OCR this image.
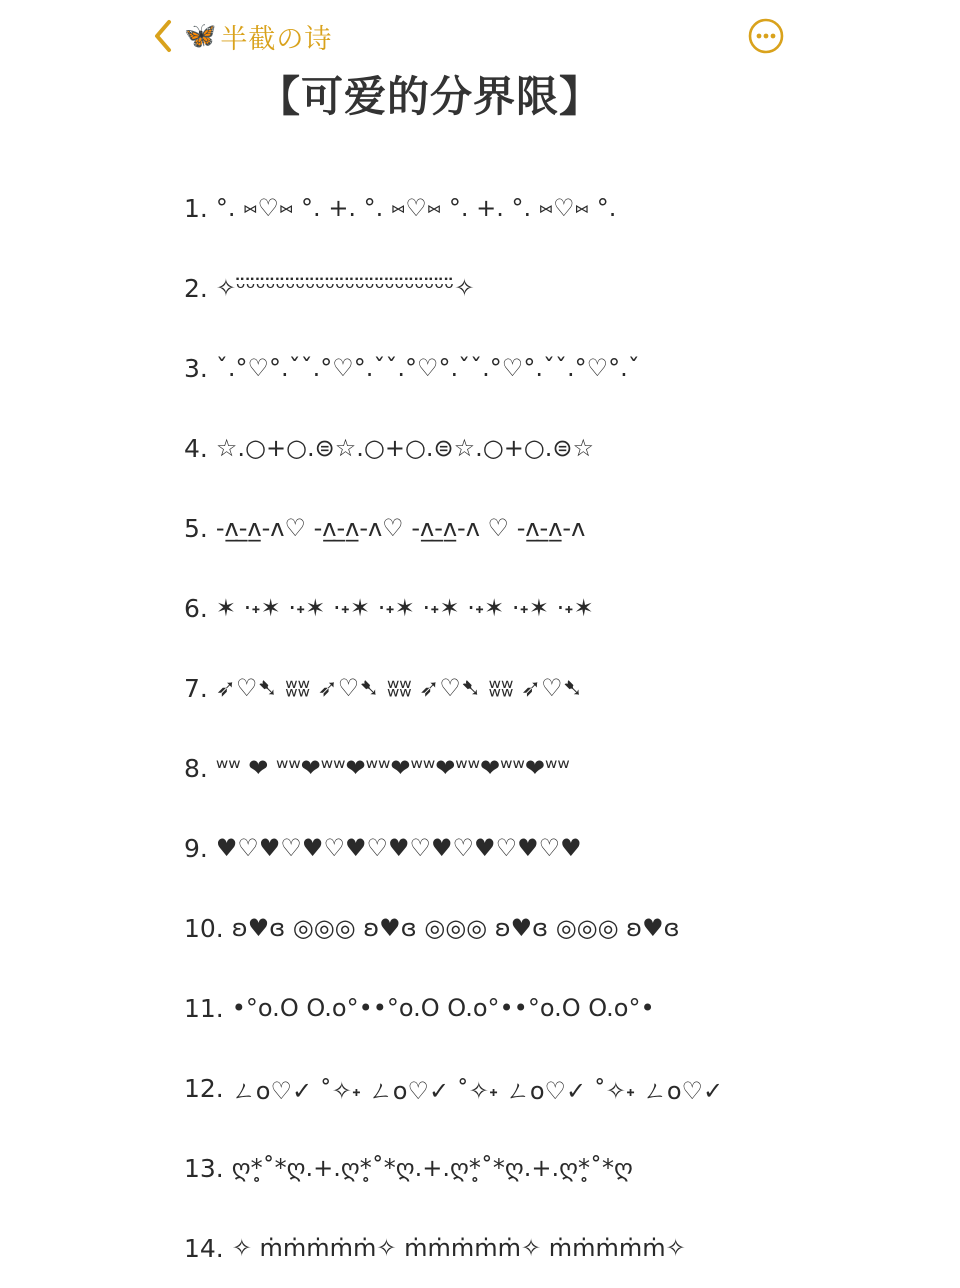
🦋 半截の诗
【可爱的分界限】
1. °. ⑅♡⑅ °. +. °. ⑅♡⑅ °. +. °. ⑅♡⑅ °.
2. ✧ᵕ̈ᵕ̈ᵕ̈ᵕ̈ᵕ̈ᵕ̈ᵕ̈ᵕ̈ᵕ̈ᵕ̈ᵕ̈ᵕ̈ᵕ̈ᵕ̈ᵕ̈ᵕ̈ᵕ̈ᵕ̈ᵕ̈ᵕ̈ᵕ̈ᵕ̈✧
3. ˇ.°♡°.ˇˇ.°♡°.ˇˇ.°♡°.ˇˇ.°♡°.ˇˇ.°♡°.ˇ
4. ☆.○+○.⊜☆.○+○.⊜☆.○+○.⊜☆
5. -ʌ̲-̲ʌ̲-ʌ♡ -ʌ̲-̲ʌ̲-ʌ♡ -ʌ̲-̲ʌ̲-ʌ ♡ -ʌ̲-̲ʌ̲-ʌ
6. ✶ ·˖✶ ·˖✶ ·˖✶ ·˖✶ ·˖✶ ·˖✶ ·˖✶ ·˖✶
7. ➶♡➷ ʬʬ ➶♡➷ ʬʬ ➶♡➷ ʬʬ ➶♡➷
8. ʷʷ ❤ ʷʷ❤ʷʷ❤ʷʷ❤ʷʷ❤ʷʷ❤ʷʷ❤ʷʷ
9. ♥♡♥♡♥♡♥♡♥♡♥♡♥♡♥♡♥
10. ʚ♥ɞ ◎◎◎ ʚ♥ɞ ◎◎◎ ʚ♥ɞ ◎◎◎ ʚ♥ɞ
11. •°o.O O.o°••°o.O O.o°••°o.O O.o°•
12. ㄥo♡✓ ˚✧˖ ㄥo♡✓ ˚✧˖ ㄥo♡✓ ˚✧˖ ㄥo♡✓
13. ღ*̥˚*ღ.+.ღ*̥˚*ღ.+.ღ*̥˚*ღ.+.ღ*̥˚*ღ
14. ✧ ṁṁṁṁṁ✧ ṁṁṁṁṁ✧ ṁṁṁṁṁ✧
